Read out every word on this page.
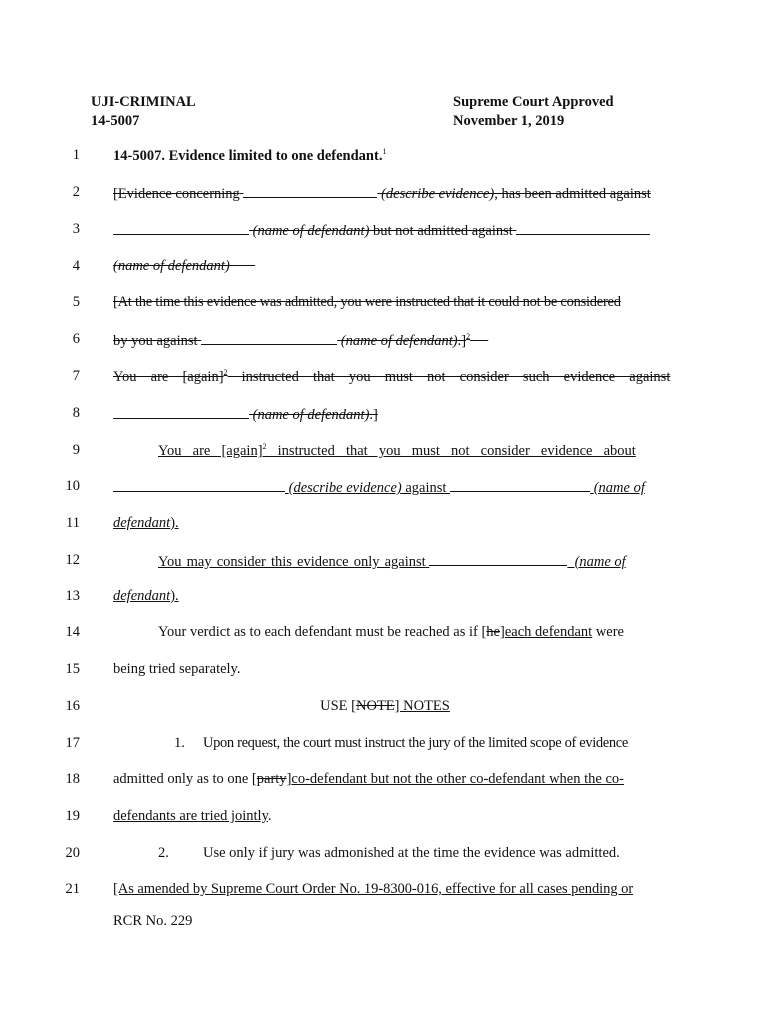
UJI-CRIMINAL
14-5007
Supreme Court Approved
November 1, 2019
1 14-5007. Evidence limited to one defendant.$^1$
2 [Evidence concerning	(describe evidence), has been admitted against
3	(name of defendant) but not admitted against
4 (name of defendant)
5 [At the time this evidence was admitted, you were instructed that it could not be considered
6 by you against	(name of defendant).]$^2$
7 You are [again]$^2$ instructed that you must not consider such evidence against
8	(name of defendant).]
9	You are [again]$^2$ instructed that you must not consider evidence about
10	(describe evidence) against	(name of
11 defendant).
12	You may consider this evidence only against	(name of
13 defendant).
14	Your verdict as to each defendant must be reached as if [he]each defendant were
15 being tried separately.
16	USE [NOTE] NOTES
17	1.	Upon request, the court must instruct the jury of the limited scope of evidence
18 admitted only as to one [party]co-defendant but not the other co-defendant when the co-
19 defendants are tried jointly.
20	2.	Use only if jury was admonished at the time the evidence was admitted.
21 [As amended by Supreme Court Order No. 19-8300-016, effective for all cases pending or
RCR No. 229
